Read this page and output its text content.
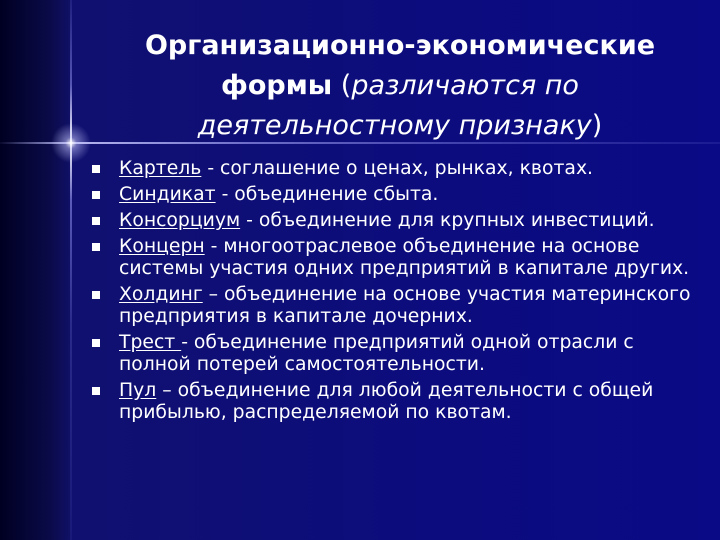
Организационно-экономические
формы (различаются по
деятельностному признаку)
Картель - соглашение о ценах, рынках, квотах.
Синдикат - объединение сбыта.
Консорциум - объединение для крупных инвестиций.
Концерн - многоотраслевое объединение на основе системы участия одних предприятий в капитале других.
Холдинг – объединение на основе участия материнского предприятия в капитале дочерних.
Трест - объединение предприятий одной отрасли с полной потерей самостоятельности.
Пул – объединение для любой деятельности с общей прибылью, распределяемой по квотам.
